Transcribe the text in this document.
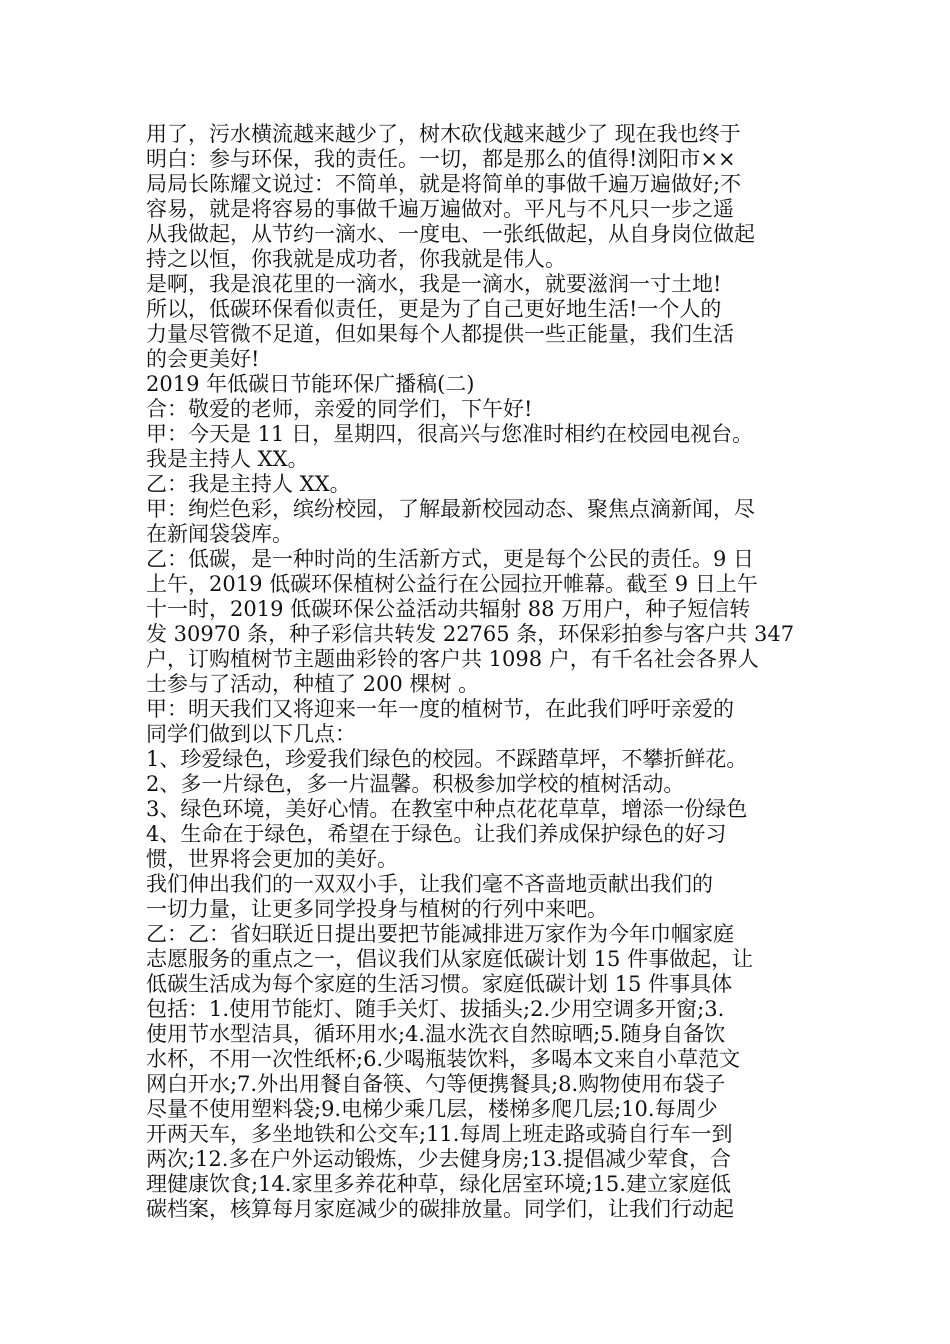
用了，污水横流越来越少了，树木砍伐越来越少了 现在我也终于
明白：参与环保，我的责任。一切，都是那么的值得!浏阳市××
局局长陈耀文说过：不简单，就是将简单的事做千遍万遍做好;不
容易，就是将容易的事做千遍万遍做对。平凡与不凡只一步之遥
从我做起，从节约一滴水、一度电、一张纸做起，从自身岗位做起
持之以恒，你我就是成功者，你我就是伟人。
是啊，我是浪花里的一滴水，我是一滴水，就要滋润一寸土地!
所以，低碳环保看似责任，更是为了自己更好地生活!一个人的
力量尽管微不足道，但如果每个人都提供一些正能量，我们生活
的会更美好!
2019 年低碳日节能环保广播稿(二)
合：敬爱的老师，亲爱的同学们，下午好!
甲：今天是 11 日，星期四，很高兴与您准时相约在校园电视台。
我是主持人 XX。
乙：我是主持人 XX。
甲：绚烂色彩，缤纷校园，了解最新校园动态、聚焦点滴新闻，尽
在新闻袋袋库。
乙：低碳，是一种时尚的生活新方式，更是每个公民的责任。9 日
上午，2019 低碳环保植树公益行在公园拉开帷幕。截至 9 日上午
十一时，2019 低碳环保公益活动共辐射 88 万用户，种子短信转
发 30970 条，种子彩信共转发 22765 条，环保彩拍参与客户共 347
户，订购植树节主题曲彩铃的客户共 1098 户，有千名社会各界人
士参与了活动，种植了 200 棵树 。
甲：明天我们又将迎来一年一度的植树节，在此我们呼吁亲爱的
同学们做到以下几点：
1、珍爱绿色，珍爱我们绿色的校园。不踩踏草坪，不攀折鲜花。
2、多一片绿色，多一片温馨。积极参加学校的植树活动。
3、绿色环境，美好心情。在教室中种点花花草草，增添一份绿色
4、生命在于绿色，希望在于绿色。让我们养成保护绿色的好习
惯，世界将会更加的美好。
我们伸出我们的一双双小手，让我们毫不吝啬地贡献出我们的
一切力量，让更多同学投身与植树的行列中来吧。
乙：乙：省妇联近日提出要把节能减排进万家作为今年巾帼家庭
志愿服务的重点之一，倡议我们从家庭低碳计划 15 件事做起，让
低碳生活成为每个家庭的生活习惯。家庭低碳计划 15 件事具体
包括：1.使用节能灯、随手关灯、拔插头;2.少用空调多开窗;3.
使用节水型洁具，循环用水;4.温水洗衣自然晾晒;5.随身自备饮
水杯，不用一次性纸杯;6.少喝瓶装饮料，多喝本文来自小草范文
网白开水;7.外出用餐自备筷、勺等便携餐具;8.购物使用布袋子
尽量不使用塑料袋;9.电梯少乘几层，楼梯多爬几层;10.每周少
开两天车，多坐地铁和公交车;11.每周上班走路或骑自行车一到
两次;12.多在户外运动锻炼，少去健身房;13.提倡减少荤食，合
理健康饮食;14.家里多养花种草，绿化居室环境;15.建立家庭低
碳档案，核算每月家庭减少的碳排放量。同学们，让我们行动起
